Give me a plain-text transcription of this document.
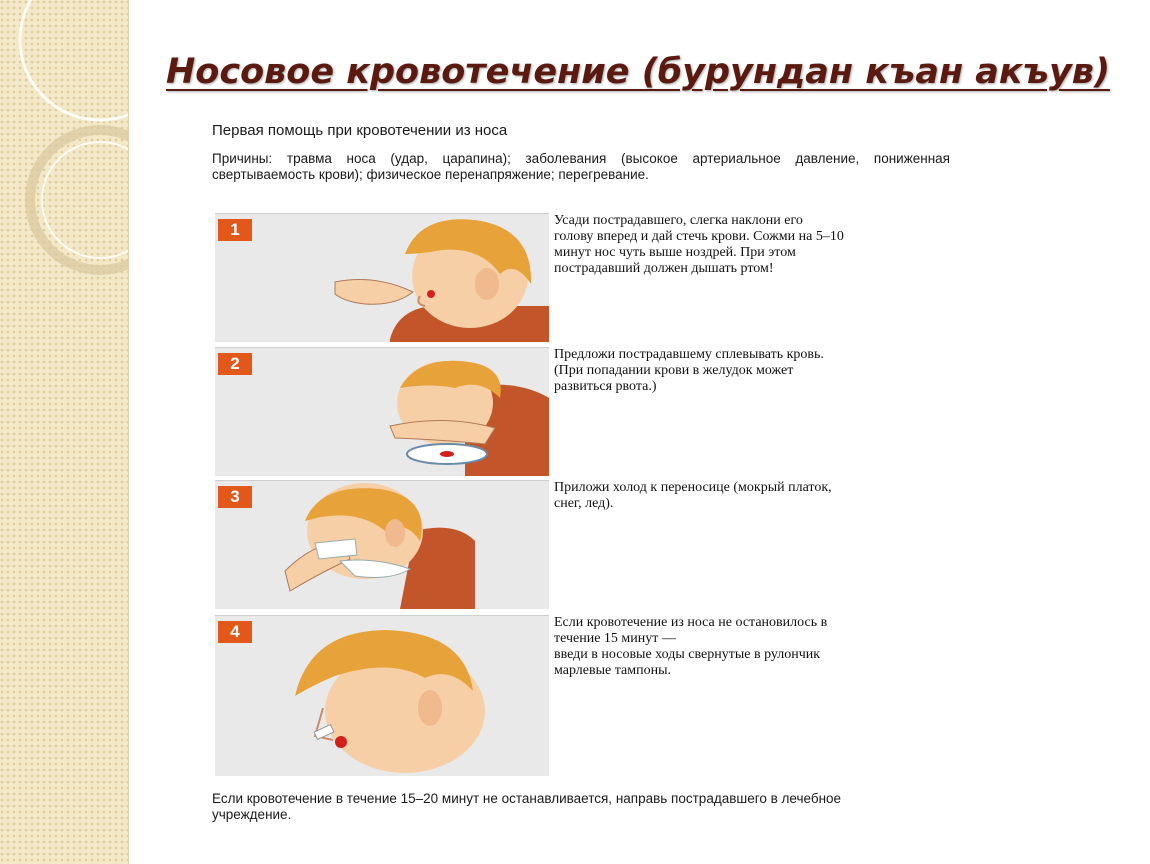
Носовое кровотечение (бурундан къан акъув)
Первая помощь при кровотечении из носа
Причины: травма носа (удар, царапина); заболевания (высокое артериальное давление, пониженная свертываемость крови); физическое перенапряжение; перегревание.
1	Усади пострадавшего, слегка наклони его
голову вперед и дай стечь крови. Сожми на 5–10
минут нос чуть выше ноздрей. При этом
пострадавший должен дышать ртом!
2	Предложи пострадавшему сплевывать кровь.
(При попадании крови в желудок может
развиться рвота.)
3	Приложи холод к переносице (мокрый платок,
снег, лед).
4	Если кровотечение из носа не остановилось в
течение 15 минут —
введи в носовые ходы свернутые в рулончик
марлевые тампоны.
Если кровотечение в течение 15–20 минут не останавливается, направь пострадавшего в лечебное учреждение.
